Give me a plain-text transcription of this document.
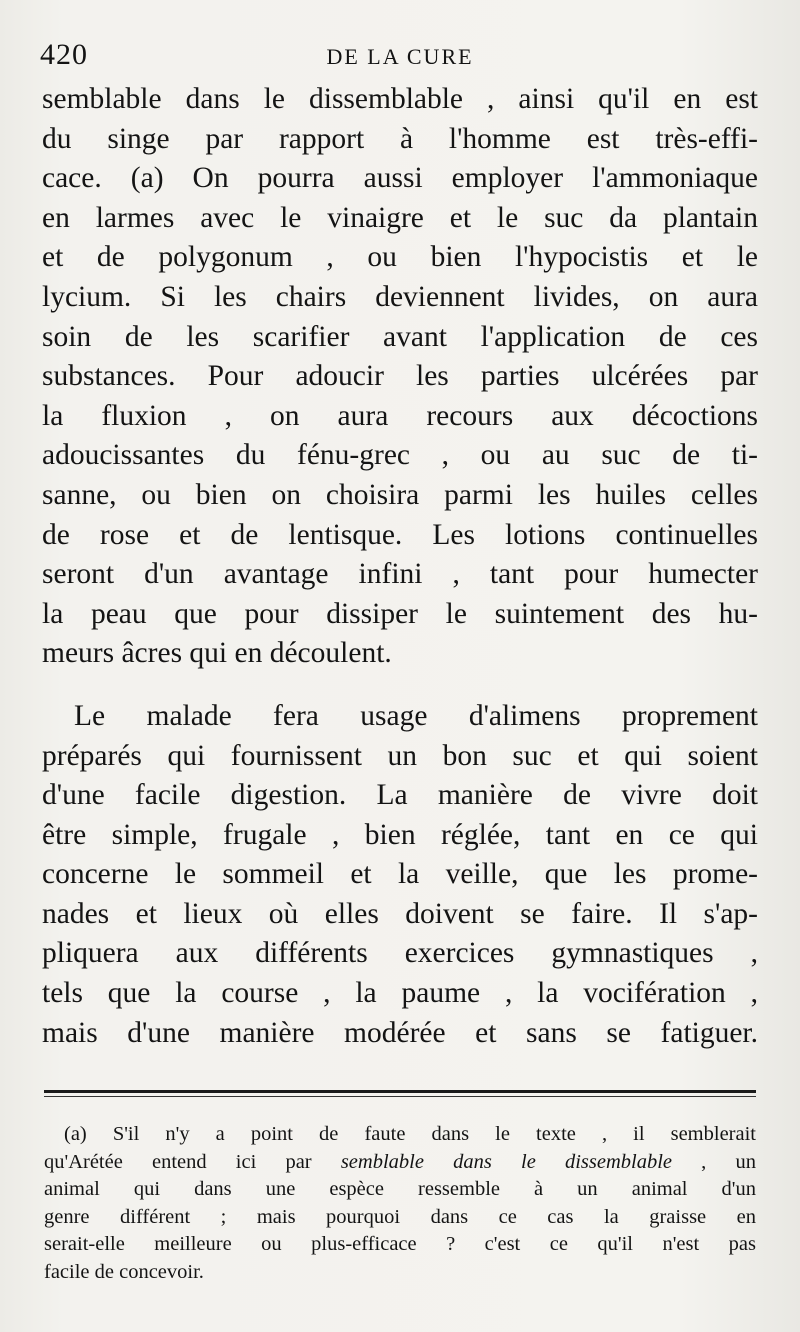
420	DE LA CURE
semblable dans le dissemblable , ainsi qu'il en est
du singe par rapport à l'homme est très-effi-
cace. (a) On pourra aussi employer l'ammoniaque
en larmes avec le vinaigre et le suc da plantain
et de polygonum , ou bien l'hypocistis et le
lycium. Si les chairs deviennent livides, on aura
soin de les scarifier avant l'application de ces
substances. Pour adoucir les parties ulcérées par
la fluxion , on aura recours aux décoctions
adoucissantes du fénu-grec , ou au suc de ti-
sanne, ou bien on choisira parmi les huiles celles
de rose et de lentisque. Les lotions continuelles
seront d'un avantage infini , tant pour humecter
la peau que pour dissiper le suintement des hu-
meurs âcres qui en découlent.
Le malade fera usage d'alimens proprement
préparés qui fournissent un bon suc et qui soient
d'une facile digestion. La manière de vivre doit
être simple, frugale , bien réglée, tant en ce qui
concerne le sommeil et la veille, que les prome-
nades et lieux où elles doivent se faire. Il s'ap-
pliquera aux différents exercices gymnastiques ,
tels que la course , la paume , la vocifération ,
mais d'une manière modérée et sans se fatiguer.
(a) S'il n'y a point de faute dans le texte , il semblerait
qu'Arétée entend ici par semblable dans le dissemblable , un
animal qui dans une espèce ressemble à un animal d'un
genre différent ; mais pourquoi dans ce cas la graisse en
serait-elle meilleure ou plus-efficace ? c'est ce qu'il n'est pas
facile de concevoir.
